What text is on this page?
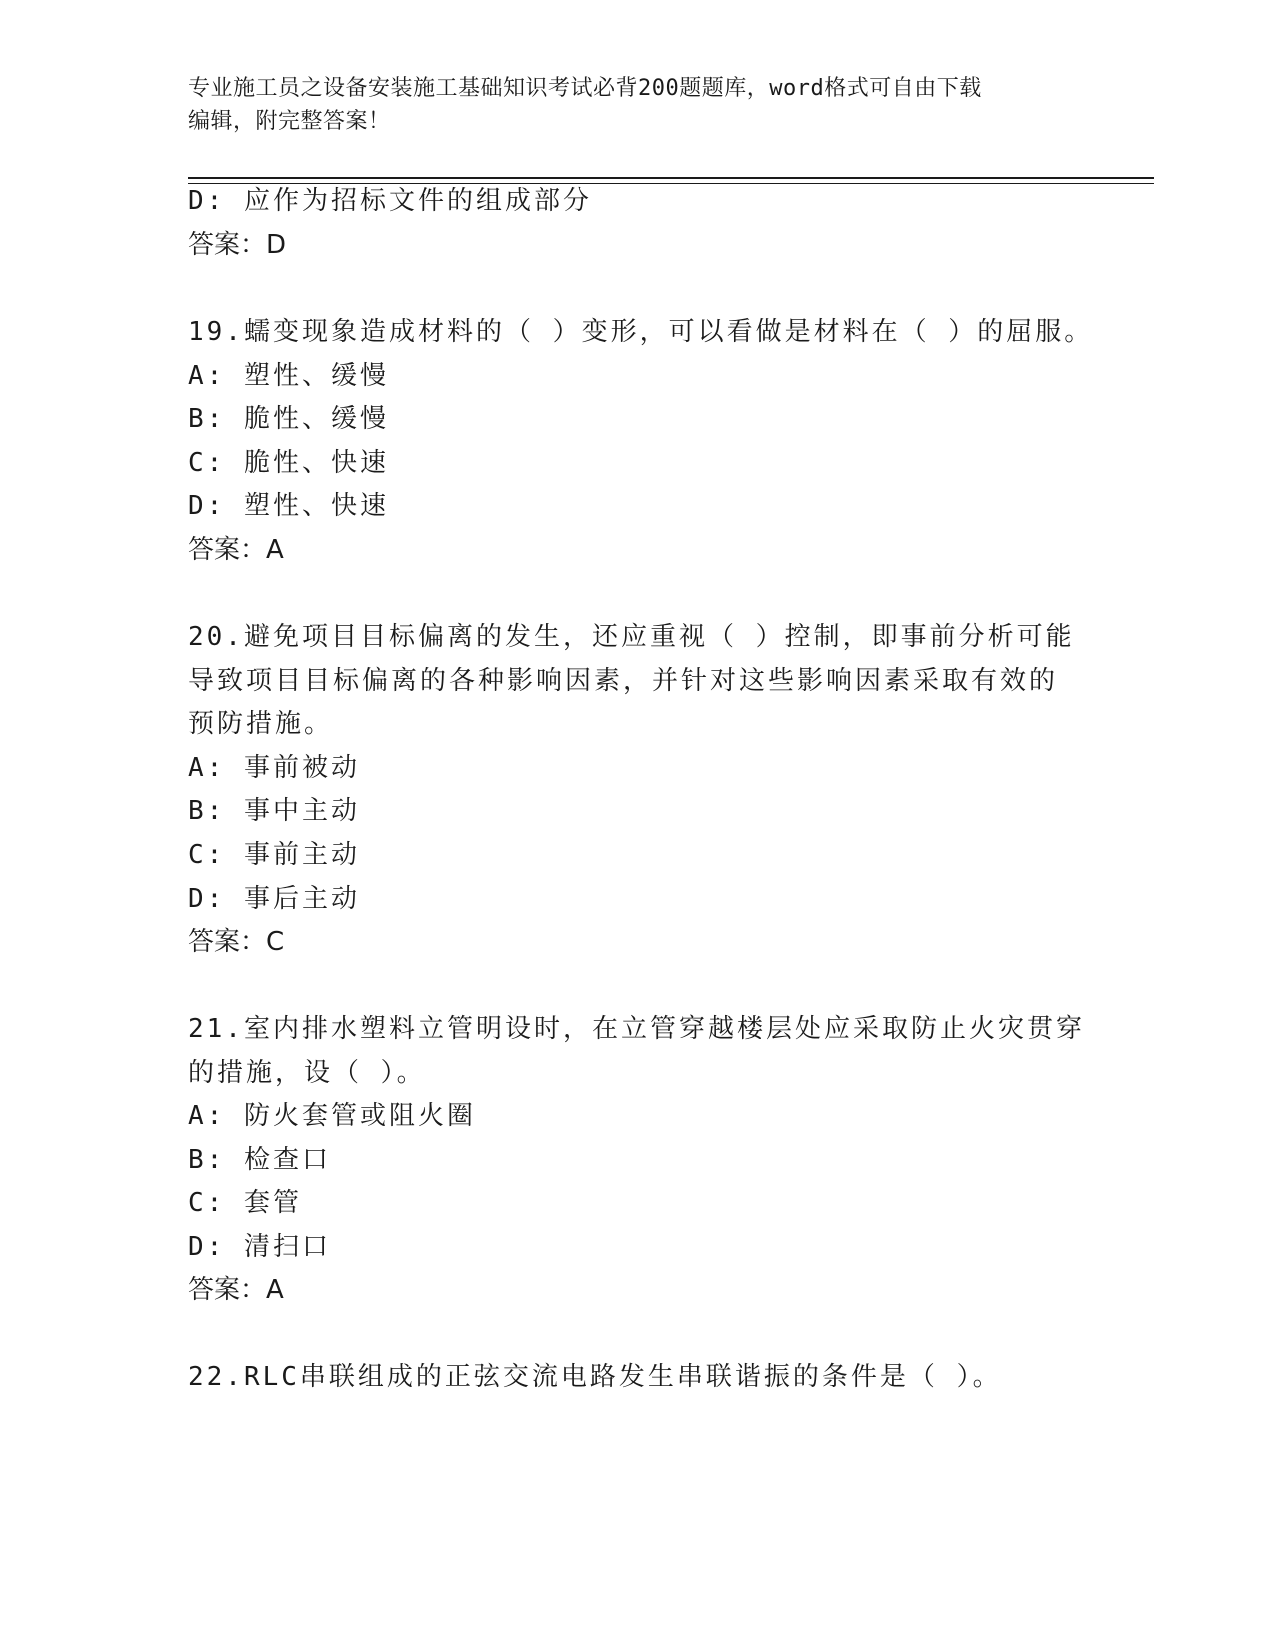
专业施工员之设备安装施工基础知识考试必背200题题库，word格式可自由下载
编辑，附完整答案！
D: 应作为招标文件的组成部分
答案：D
19.蠕变现象造成材料的（ ）变形，可以看做是材料在（ ）的屈服。
A: 塑性、缓慢
B: 脆性、缓慢
C: 脆性、快速
D: 塑性、快速
答案：A
20.避免项目目标偏离的发生，还应重视（ ）控制，即事前分析可能
导致项目目标偏离的各种影响因素，并针对这些影响因素采取有效的
预防措施。
A: 事前被动
B: 事中主动
C: 事前主动
D: 事后主动
答案：C
21.室内排水塑料立管明设时，在立管穿越楼层处应采取防止火灾贯穿
的措施，设（ ）。
A: 防火套管或阻火圈
B: 检查口
C: 套管
D: 清扫口
答案：A
22.RLC串联组成的正弦交流电路发生串联谐振的条件是（ ）。
